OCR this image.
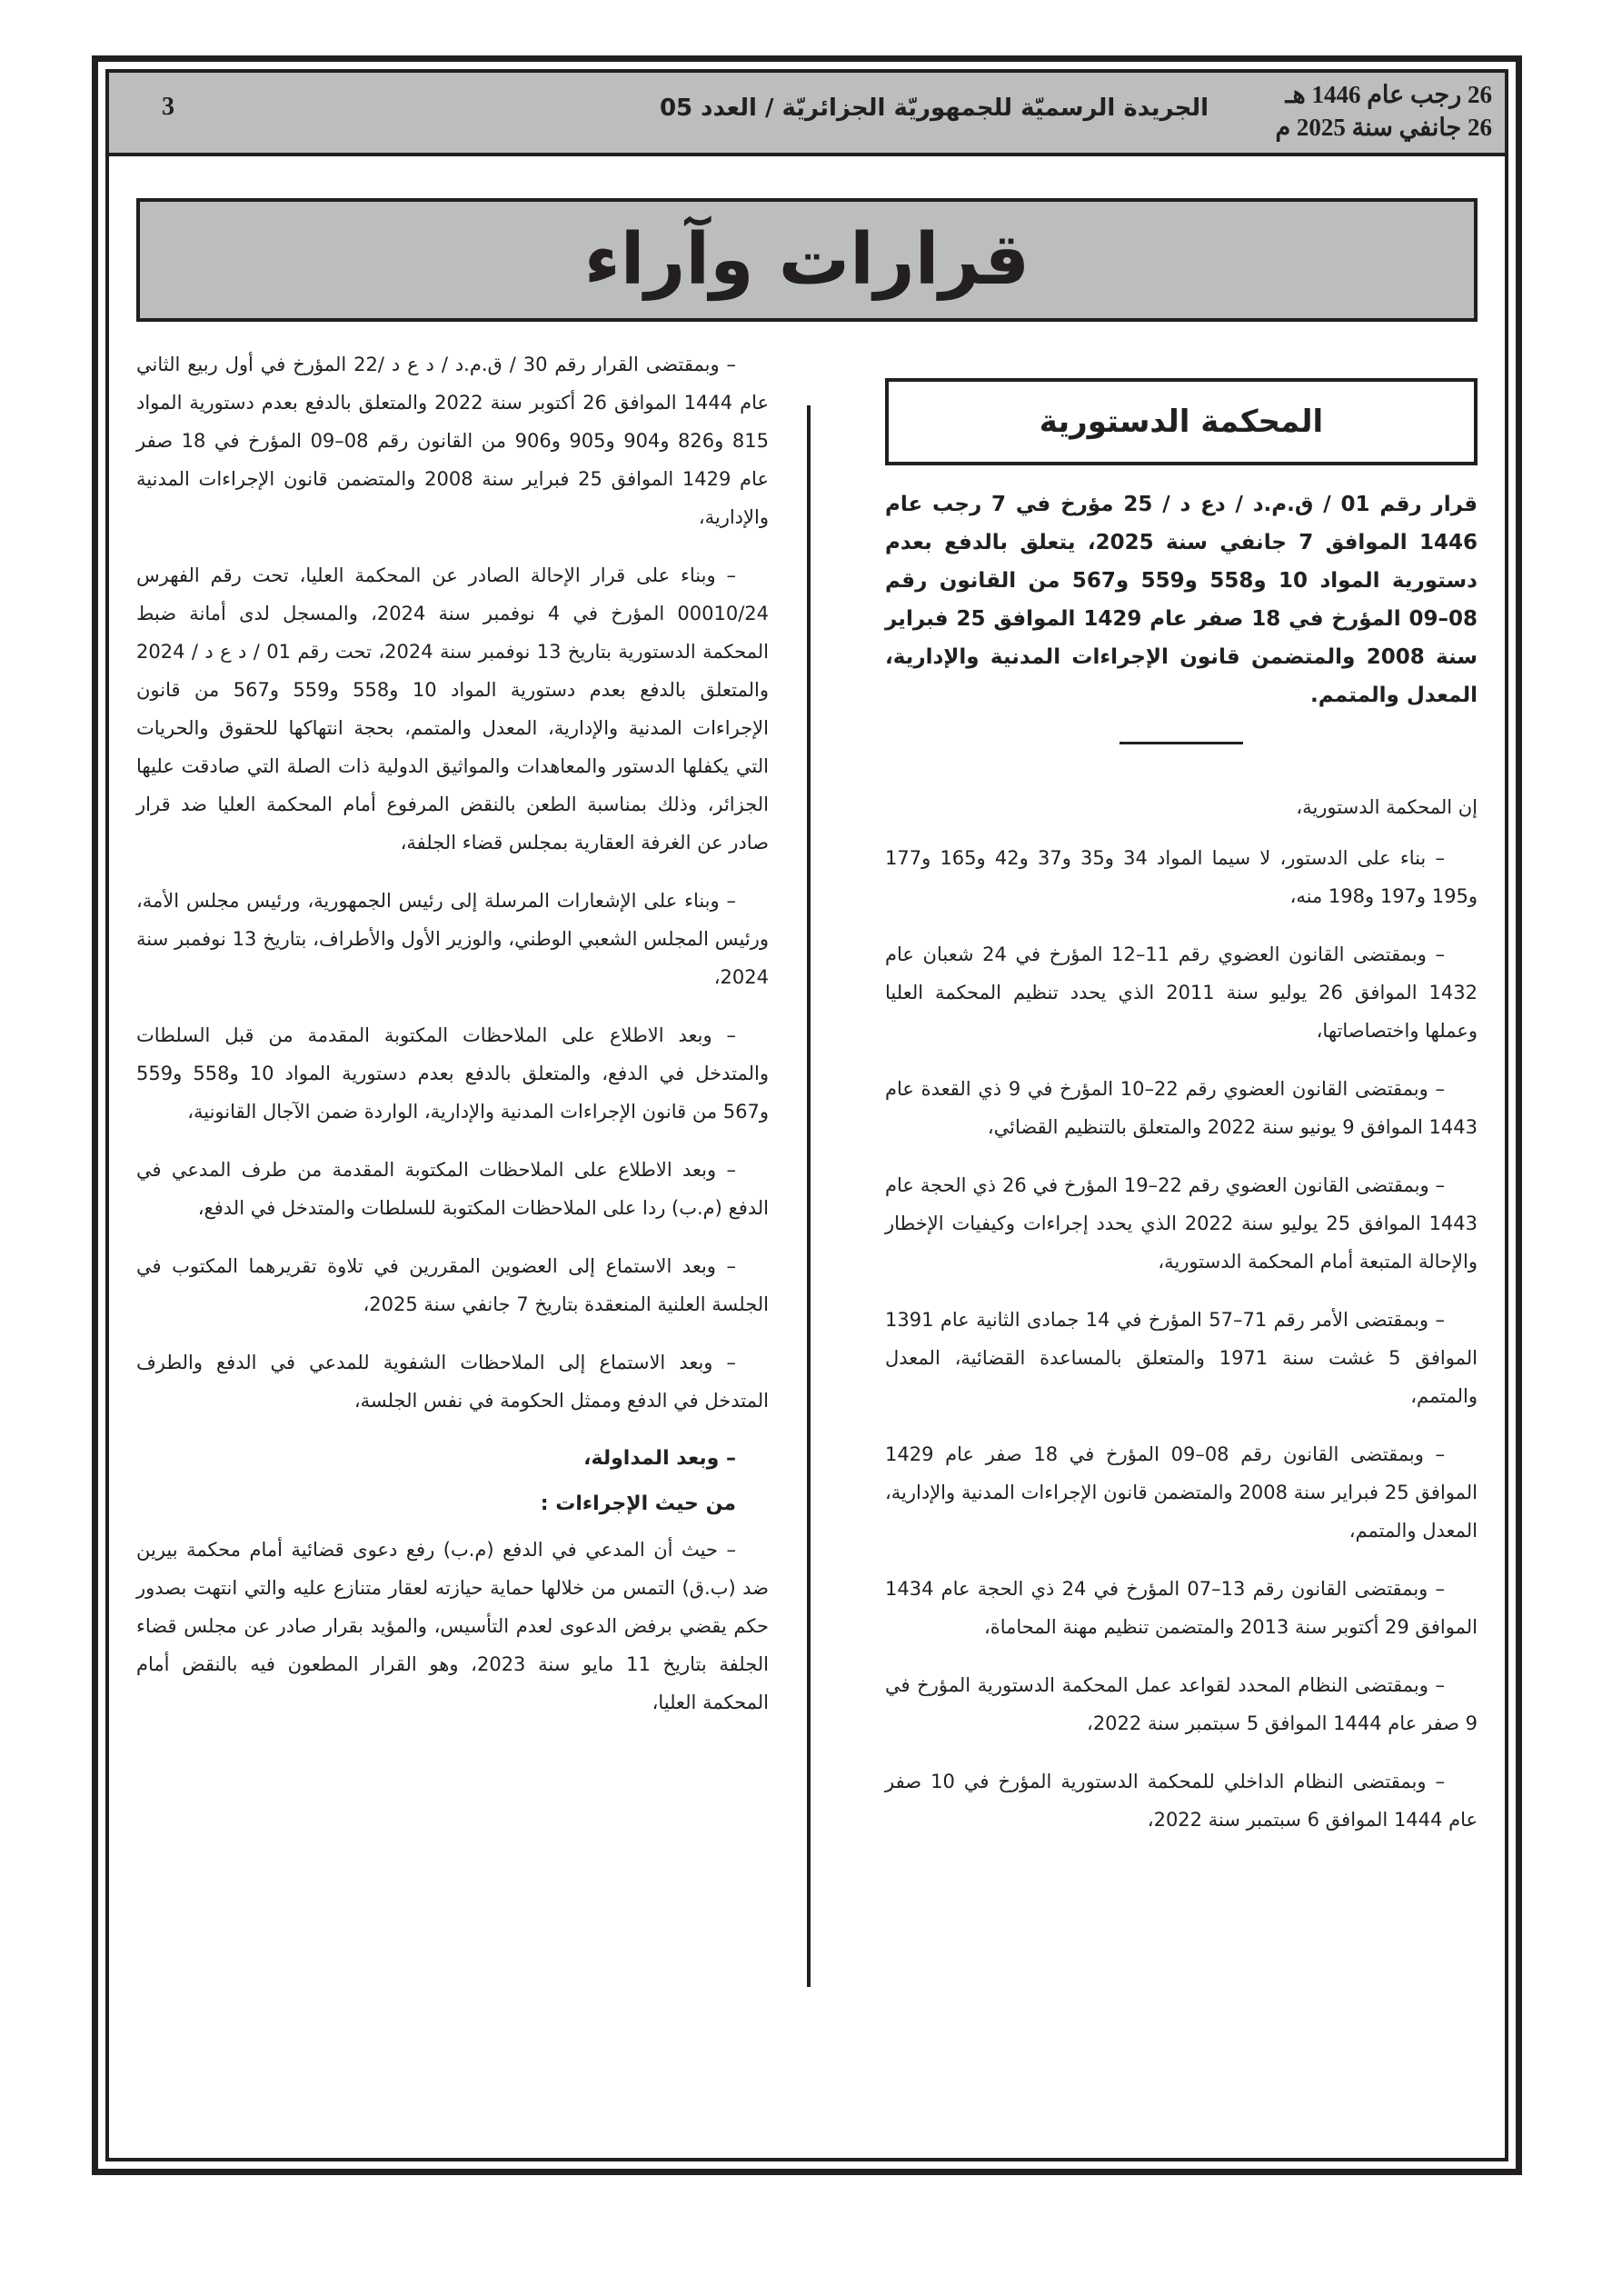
26 رجب عام 1446 هـ
26 جانفي سنة 2025 م
الجريدة الرسميّة للجمهوريّة الجزائريّة / العدد 05
3
قرارات وآراء
المحكمة الدستورية

قرار رقم 01 / ق.م.د / دع د / 25 مؤرخ في 7 رجب عام 1446 الموافق 7 جانفي سنة 2025، يتعلق بالدفع بعدم دستورية المواد 10 و558 و559 و567 من القانون رقم 08–09 المؤرخ في 18 صفر عام 1429 الموافق 25 فبراير سنة 2008 والمتضمن قانون الإجراءات المدنية والإدارية، المعدل والمتمم.

إن المحكمة الدستورية،

– بناء على الدستور، لا سيما المواد 34 و35 و37 و42 و165 و177 و195 و197 و198 منه،

– وبمقتضى القانون العضوي رقم 11–12 المؤرخ في 24 شعبان عام 1432 الموافق 26 يوليو سنة 2011 الذي يحدد تنظيم المحكمة العليا وعملها واختصاصاتها،

– وبمقتضى القانون العضوي رقم 22–10 المؤرخ في 9 ذي القعدة عام 1443 الموافق 9 يونيو سنة 2022 والمتعلق بالتنظيم القضائي،

– وبمقتضى القانون العضوي رقم 22–19 المؤرخ في 26 ذي الحجة عام 1443 الموافق 25 يوليو سنة 2022 الذي يحدد إجراءات وكيفيات الإخطار والإحالة المتبعة أمام المحكمة الدستورية،

– وبمقتضى الأمر رقم 71–57 المؤرخ في 14 جمادى الثانية عام 1391 الموافق 5 غشت سنة 1971 والمتعلق بالمساعدة القضائية، المعدل والمتمم،

– وبمقتضى القانون رقم 08–09 المؤرخ في 18 صفر عام 1429 الموافق 25 فبراير سنة 2008 والمتضمن قانون الإجراءات المدنية والإدارية، المعدل والمتمم،

– وبمقتضى القانون رقم 13–07 المؤرخ في 24 ذي الحجة عام 1434 الموافق 29 أكتوبر سنة 2013 والمتضمن تنظيم مهنة المحاماة،

– وبمقتضى النظام المحدد لقواعد عمل المحكمة الدستورية المؤرخ في 9 صفر عام 1444 الموافق 5 سبتمبر سنة 2022،

– وبمقتضى النظام الداخلي للمحكمة الدستورية المؤرخ في 10 صفر عام 1444 الموافق 6 سبتمبر سنة 2022،

– وبمقتضى القرار رقم 30 / ق.م.د / د ع د /22 المؤرخ في أول ربيع الثاني عام 1444 الموافق 26 أكتوبر سنة 2022 والمتعلق بالدفع بعدم دستورية المواد 815 و826 و904 و905 و906 من القانون رقم 08–09 المؤرخ في 18 صفر عام 1429 الموافق 25 فبراير سنة 2008 والمتضمن قانون الإجراءات المدنية والإدارية،

– وبناء على قرار الإحالة الصادر عن المحكمة العليا، تحت رقم الفهرس 00010/24 المؤرخ في 4 نوفمبر سنة 2024، والمسجل لدى أمانة ضبط المحكمة الدستورية بتاريخ 13 نوفمبر سنة 2024، تحت رقم 01 / د ع د / 2024 والمتعلق بالدفع بعدم دستورية المواد 10 و558 و559 و567 من قانون الإجراءات المدنية والإدارية، المعدل والمتمم، بحجة انتهاكها للحقوق والحريات التي يكفلها الدستور والمعاهدات والمواثيق الدولية ذات الصلة التي صادقت عليها الجزائر، وذلك بمناسبة الطعن بالنقض المرفوع أمام المحكمة العليا ضد قرار صادر عن الغرفة العقارية بمجلس قضاء الجلفة،

– وبناء على الإشعارات المرسلة إلى رئيس الجمهورية، ورئيس مجلس الأمة، ورئيس المجلس الشعبي الوطني، والوزير الأول والأطراف، بتاريخ 13 نوفمبر سنة 2024،

– وبعد الاطلاع على الملاحظات المكتوبة المقدمة من قبل السلطات والمتدخل في الدفع، والمتعلق بالدفع بعدم دستورية المواد 10 و558 و559 و567 من قانون الإجراءات المدنية والإدارية، الواردة ضمن الآجال القانونية،

– وبعد الاطلاع على الملاحظات المكتوبة المقدمة من طرف المدعي في الدفع (م.ب) ردا على الملاحظات المكتوبة للسلطات والمتدخل في الدفع،

– وبعد الاستماع إلى العضوين المقررين في تلاوة تقريرهما المكتوب في الجلسة العلنية المنعقدة بتاريخ 7 جانفي سنة 2025،

– وبعد الاستماع إلى الملاحظات الشفوية للمدعي في الدفع والطرف المتدخل في الدفع وممثل الحكومة في نفس الجلسة،

– وبعد المداولة،

من حيث الإجراءات :

– حيث أن المدعي في الدفع (م.ب) رفع دعوى قضائية أمام محكمة بيرين ضد (ب.ق) التمس من خلالها حماية حيازته لعقار متنازع عليه والتي انتهت بصدور حكم يقضي برفض الدعوى لعدم التأسيس، والمؤيد بقرار صادر عن مجلس قضاء الجلفة بتاريخ 11 مايو سنة 2023، وهو القرار المطعون فيه بالنقض أمام المحكمة العليا،
